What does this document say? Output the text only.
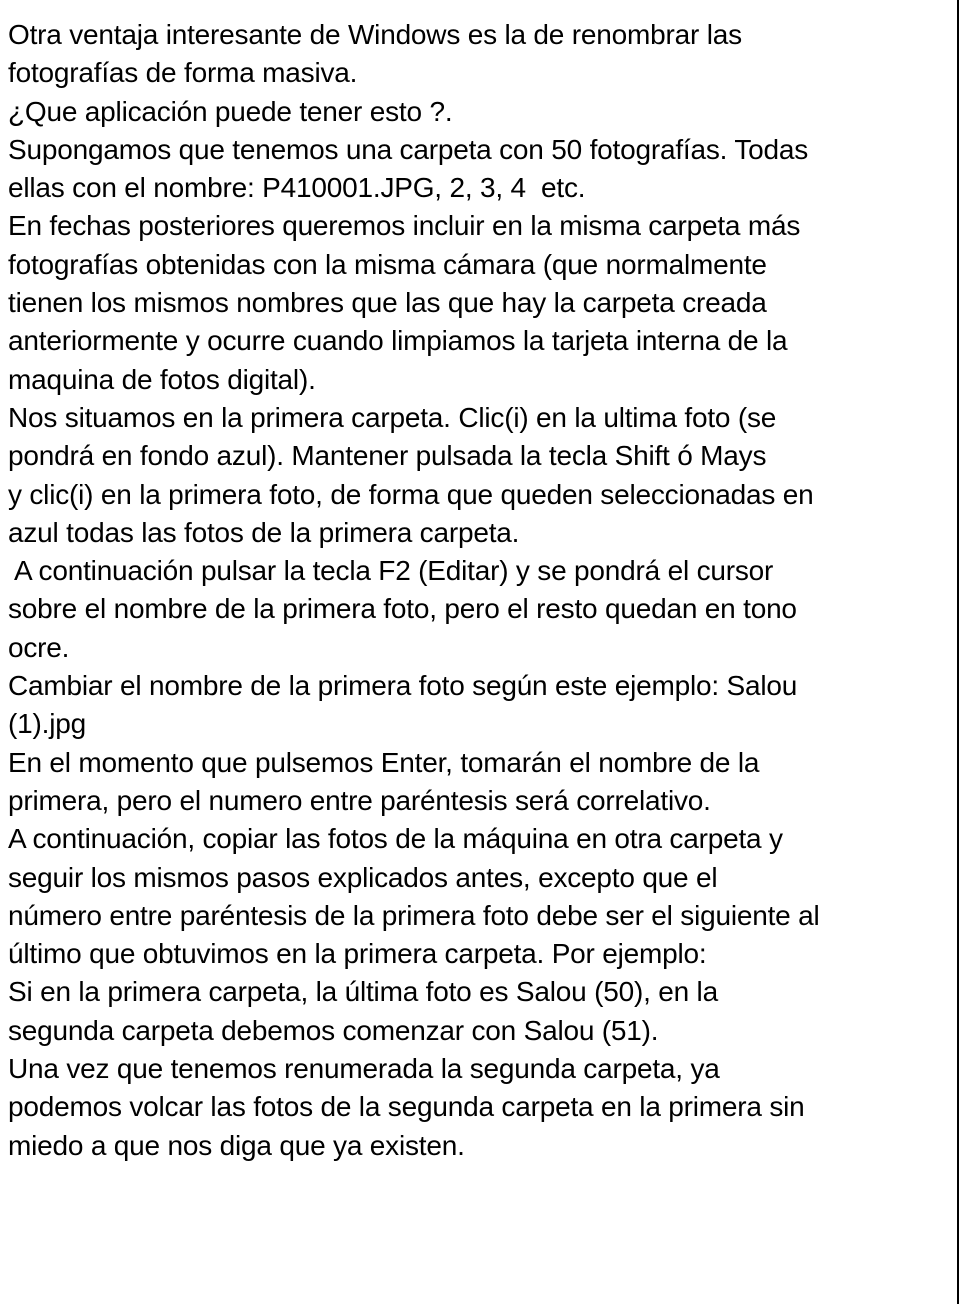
Otra ventaja interesante de Windows es la de renombrar las
fotografías de forma masiva.
¿Que aplicación puede tener esto ?.
Supongamos que tenemos una carpeta con 50 fotografías. Todas
ellas con el nombre: P410001.JPG, 2, 3, 4  etc.
En fechas posteriores queremos incluir en la misma carpeta más
fotografías obtenidas con la misma cámara (que normalmente
tienen los mismos nombres que las que hay la carpeta creada
anteriormente y ocurre cuando limpiamos la tarjeta interna de la
maquina de fotos digital).
Nos situamos en la primera carpeta. Clic(i) en la ultima foto (se
pondrá en fondo azul). Mantener pulsada la tecla Shift ó Mays
y clic(i) en la primera foto, de forma que queden seleccionadas en
azul todas las fotos de la primera carpeta.
A continuación pulsar la tecla F2 (Editar) y se pondrá el cursor
sobre el nombre de la primera foto, pero el resto quedan en tono
ocre.
Cambiar el nombre de la primera foto según este ejemplo: Salou
(1).jpg
En el momento que pulsemos Enter, tomarán el nombre de la
primera, pero el numero entre paréntesis será correlativo.
A continuación, copiar las fotos de la máquina en otra carpeta y
seguir los mismos pasos explicados antes, excepto que el
número entre paréntesis de la primera foto debe ser el siguiente al
último que obtuvimos en la primera carpeta. Por ejemplo:
Si en la primera carpeta, la última foto es Salou (50), en la
segunda carpeta debemos comenzar con Salou (51).
Una vez que tenemos renumerada la segunda carpeta, ya
podemos volcar las fotos de la segunda carpeta en la primera sin
miedo a que nos diga que ya existen.
